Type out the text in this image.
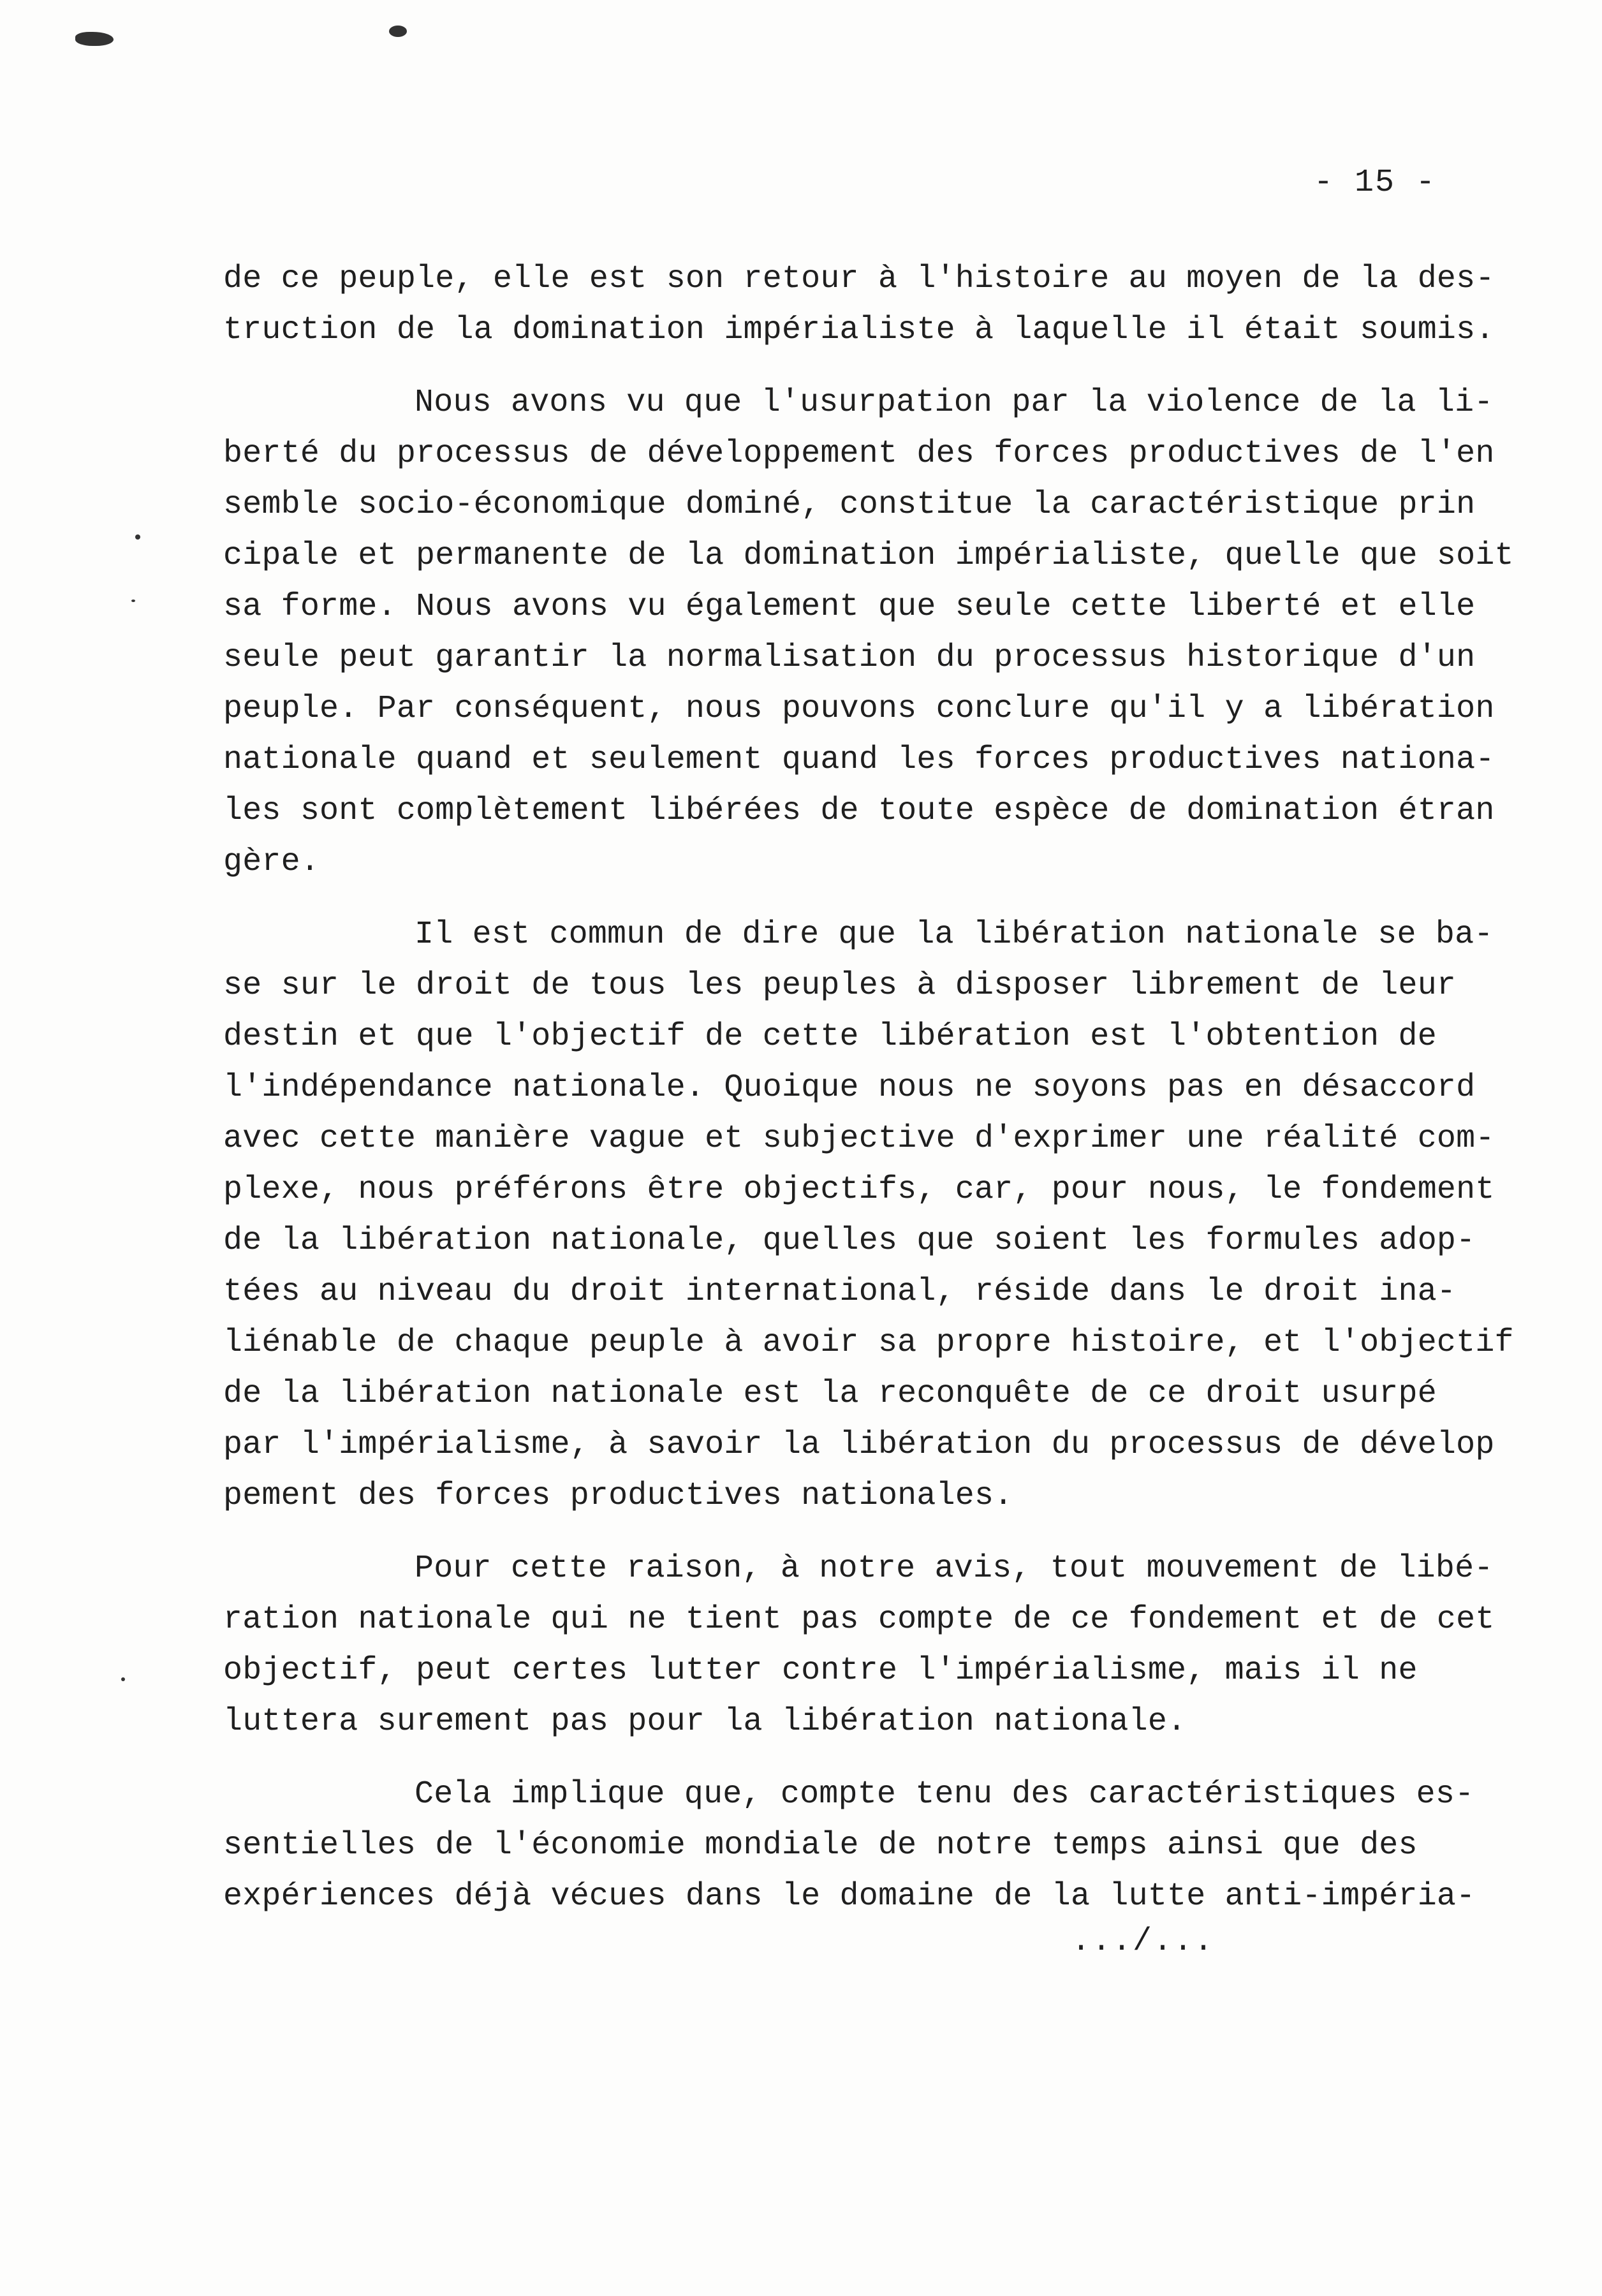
- 15 -
de ce peuple, elle est son retour à l'histoire au moyen de la des-
truction de la domination impérialiste à laquelle il était soumis.
Nous avons vu que l'usurpation par la violence de la li-
berté du processus de développement des forces productives de l'en
semble socio-économique dominé, constitue la caractéristique prin
cipale et permanente de la domination impérialiste, quelle que soit
sa forme. Nous avons vu également que seule cette liberté et elle
seule peut garantir la normalisation du processus historique d'un
peuple. Par conséquent, nous pouvons conclure qu'il y a libération
nationale quand et seulement quand les forces productives nationa-
les sont complètement libérées de toute espèce de domination étran
gère.
Il est commun de dire que la libération nationale se ba-
se sur le droit de tous les peuples à disposer librement de leur
destin et que l'objectif de cette libération est l'obtention de
l'indépendance nationale. Quoique nous ne soyons pas en désaccord
avec cette manière vague et subjective d'exprimer une réalité com-
plexe, nous préférons être objectifs, car, pour nous, le fondement
de la libération nationale, quelles que soient les formules adop-
tées au niveau du droit international, réside dans le droit ina-
liénable de chaque peuple à avoir sa propre histoire, et l'objectif
de la libération nationale est la reconquête de ce droit usurpé
par l'impérialisme, à savoir la libération du processus de dévelop
pement des forces productives nationales.
Pour cette raison, à notre avis, tout mouvement de libé-
ration nationale qui ne tient pas compte de ce fondement et de cet
objectif, peut certes lutter contre l'impérialisme, mais il ne
luttera surement pas pour la libération nationale.
Cela implique que, compte tenu des caractéristiques es-
sentielles de l'économie mondiale de notre temps ainsi que des
expériences déjà vécues dans le domaine de la lutte anti-impéria-
.../...
